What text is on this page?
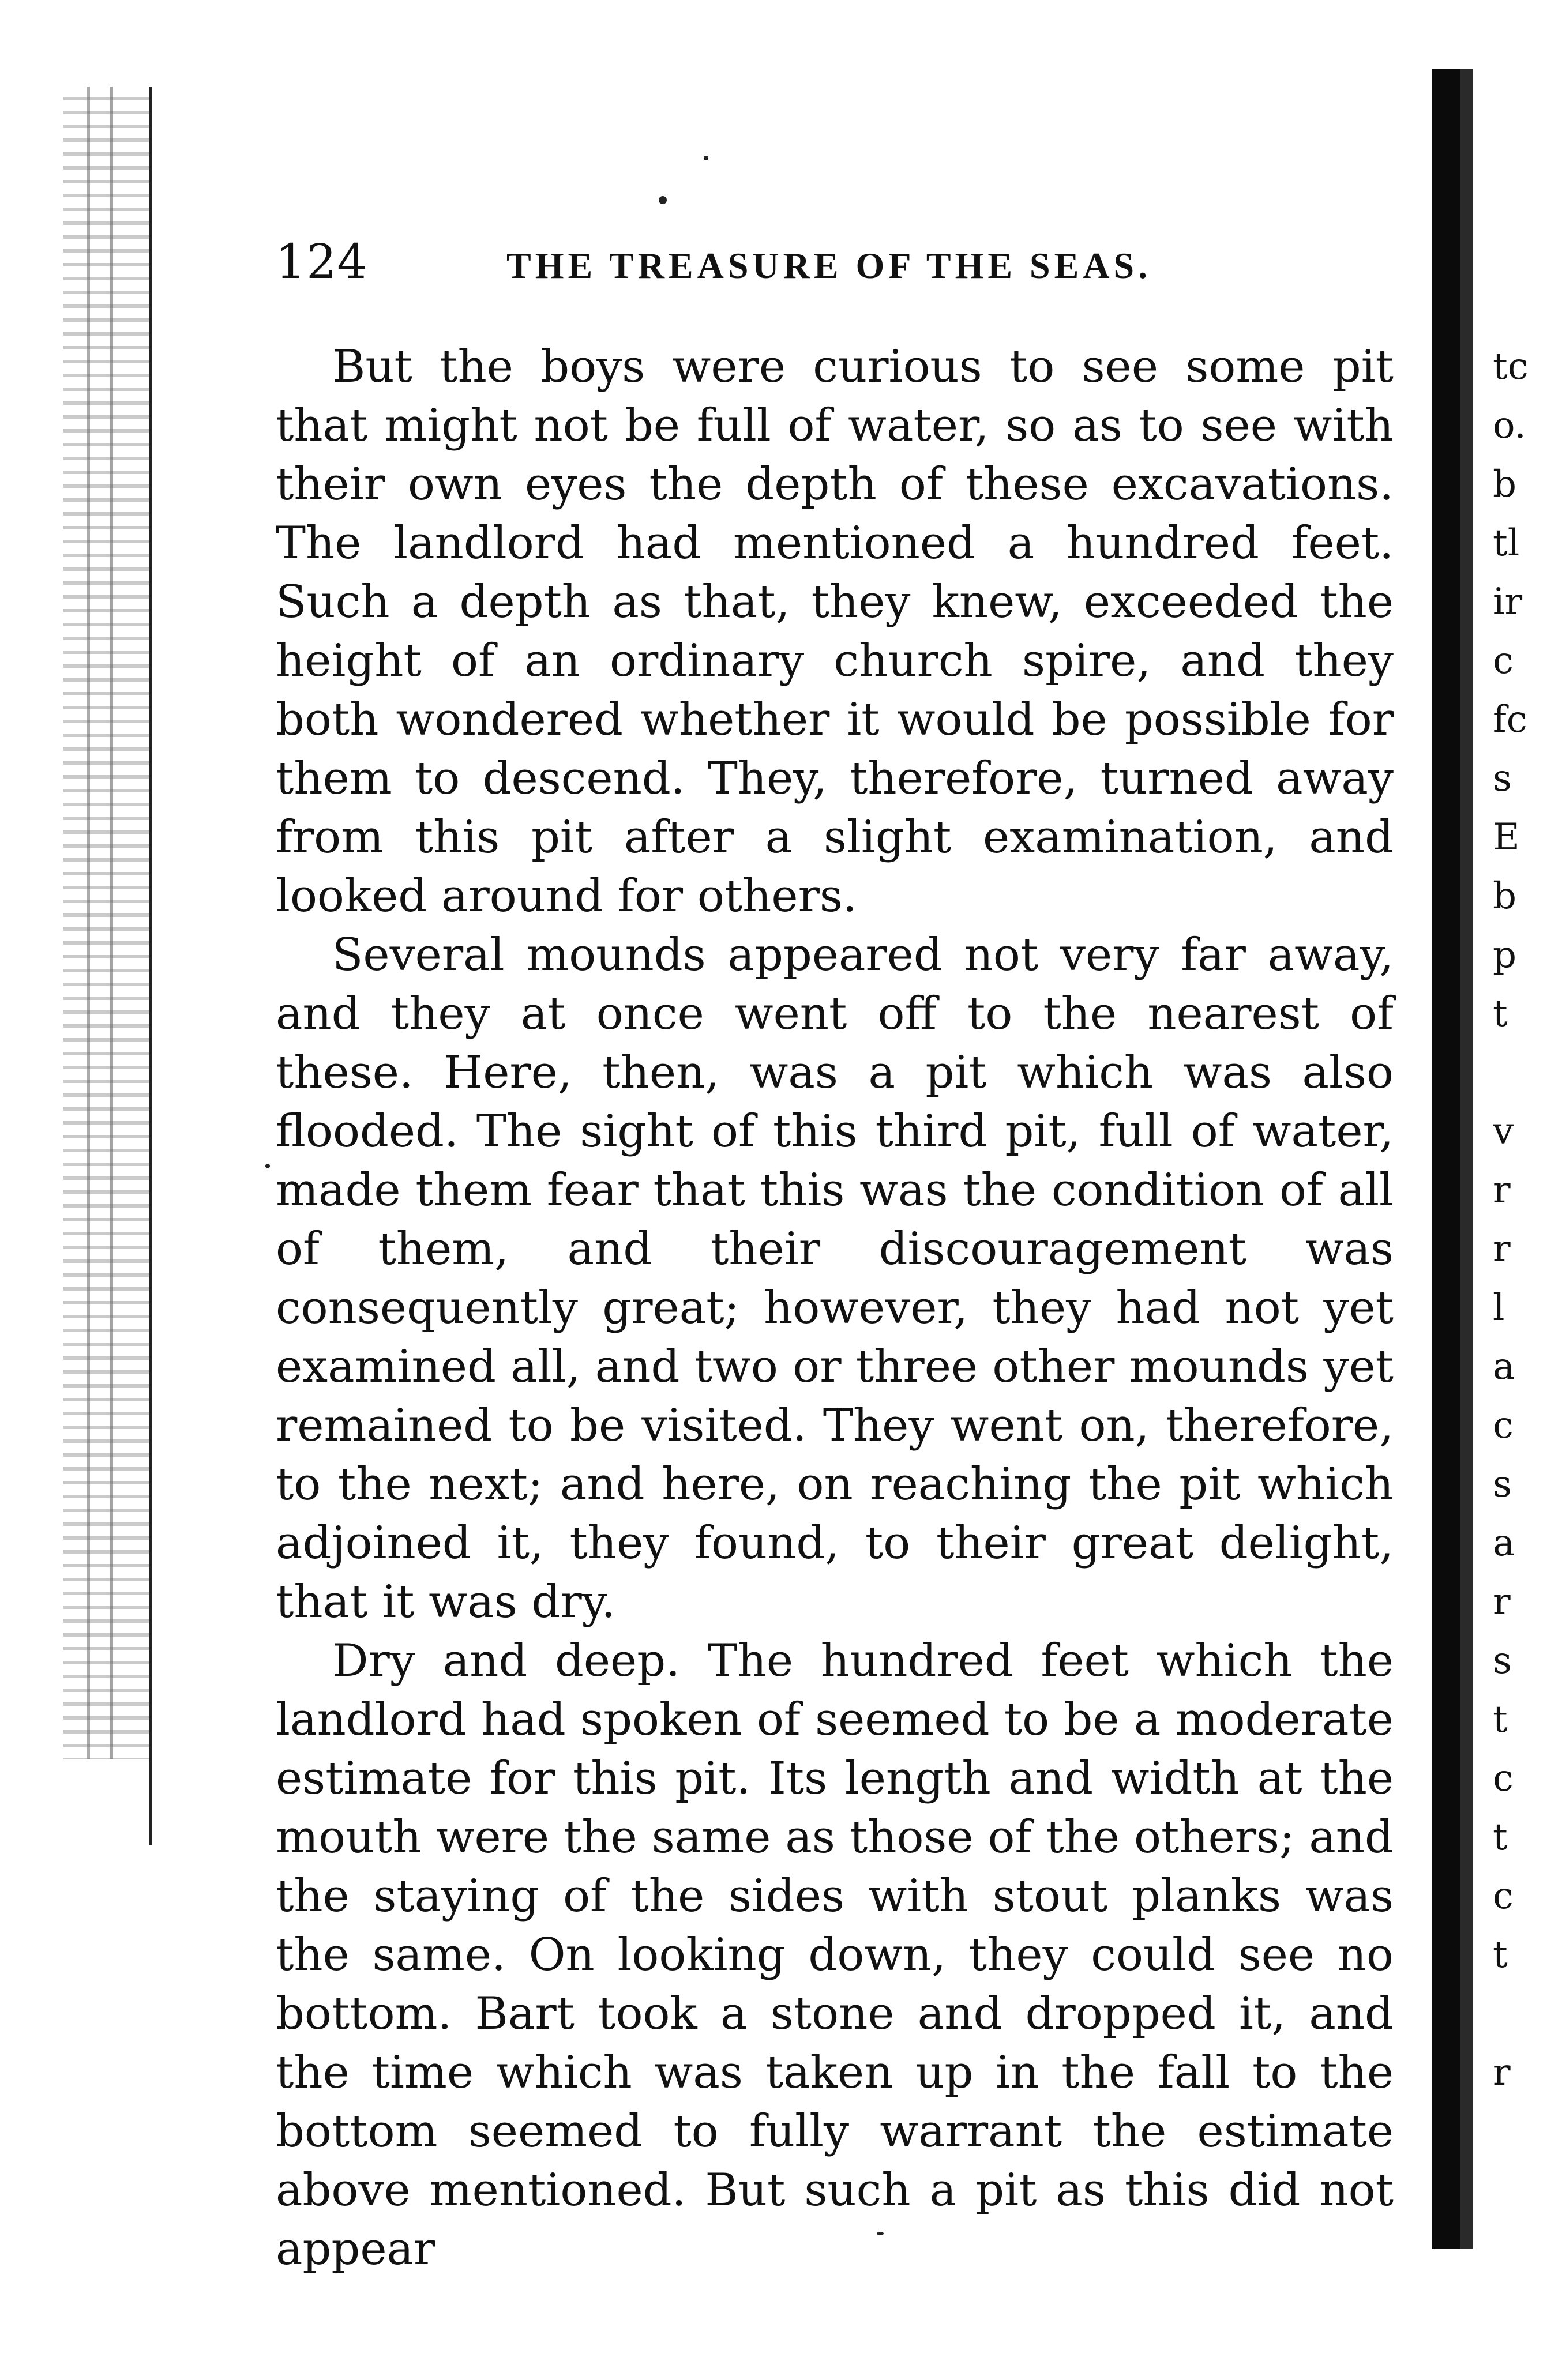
124	THE TREASURE OF THE SEAS.

But the boys were curious to see some pit that might not be full of water, so as to see with their own eyes the depth of these excavations. The landlord had mentioned a hundred feet. Such a depth as that, they knew, exceeded the height of an ordinary church spire, and they both wondered whether it would be possible for them to descend. They, therefore, turned away from this pit after a slight examination, and looked around for others.

Several mounds appeared not very far away, and they at once went off to the nearest of these. Here, then, was a pit which was also flooded. The sight of this third pit, full of water, made them fear that this was the condition of all of them, and their discouragement was consequently great; however, they had not yet examined all, and two or three other mounds yet remained to be visited. They went on, therefore, to the next; and here, on reaching the pit which adjoined it, they found, to their great delight, that it was dry.

Dry and deep. The hundred feet which the landlord had spoken of seemed to be a moderate estimate for this pit. Its length and width at the mouth were the same as those of the others; and the staying of the sides with stout planks was the same. On looking down, they could see no bottom. Bart took a stone and dropped it, and the time which was taken up in the fall to the bottom seemed to fully warrant the estimate above mentioned. But such a pit as this did not appear

tc
o.
b
tl
ir
c
fc
s
E
b
p
t
v
r
r
l
a
c
s
a
r
s
t
c
t
c
t
r
